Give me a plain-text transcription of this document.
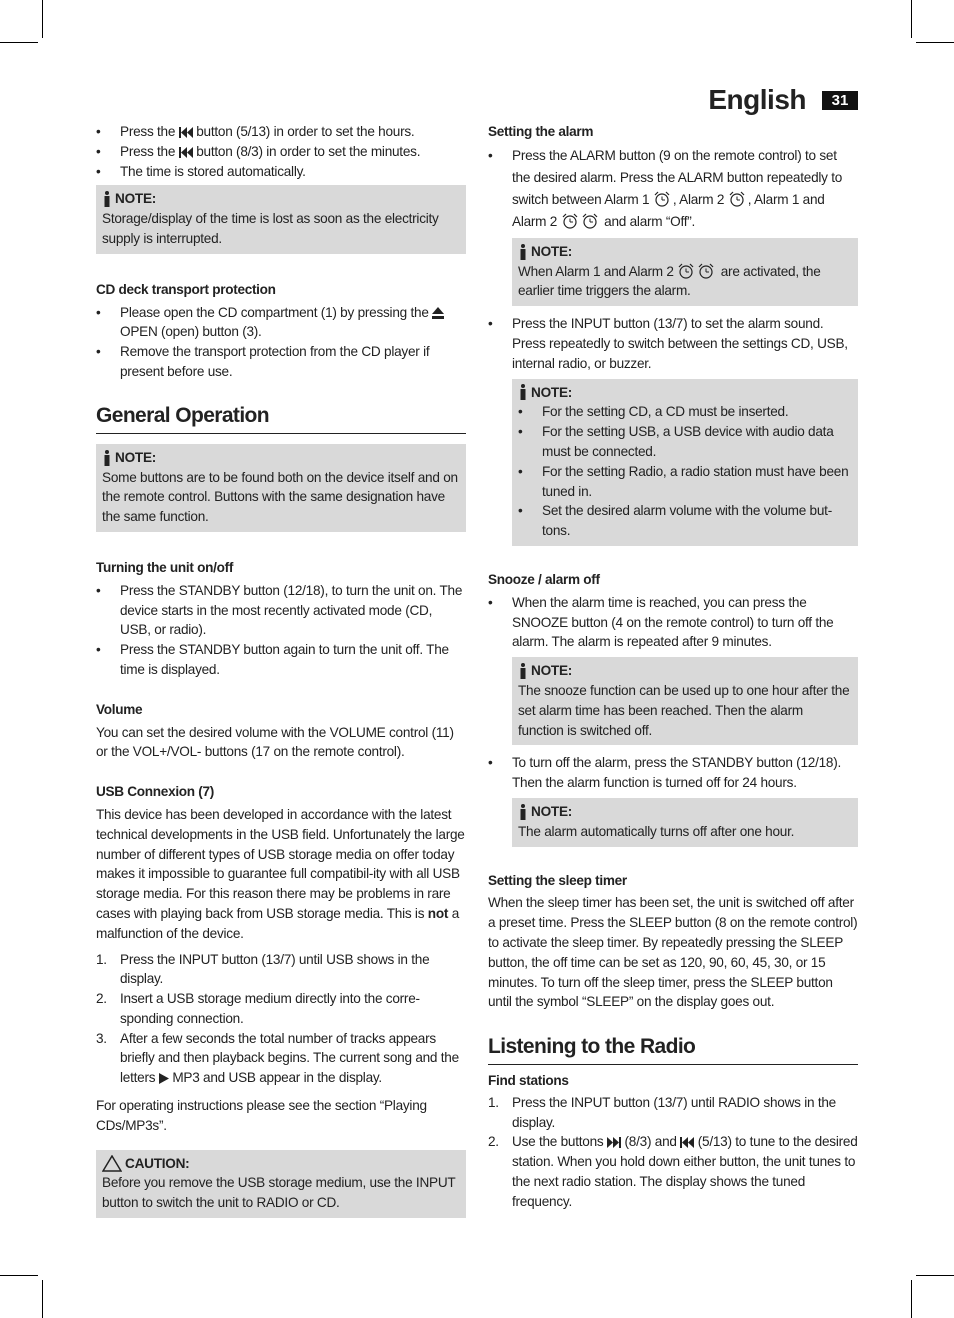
English	31
• Press the  button (5/13) in order to set the hours.
• Press the  button (8/3) in order to set the minutes.
• The time is stored automatically.
NOTE:

Storage/display of the time is lost as soon as the electricity supply is interrupted.

CD deck transport protection
• Please open the CD compartment (1) by pressing the  OPEN (open) button (3).
• Remove the transport protection from the CD player if present before use.
General Operation
NOTE:

Some buttons are to be found both on the device itself and on the remote control. Buttons with the same designation have the same function.

Turning the unit on/off
• Press the STANDBY button (12/18), to turn the unit on. The device starts in the most recently activated mode (CD, USB, or radio).
• Press the STANDBY button again to turn the unit off. The time is displayed.
Volume

You can set the desired volume with the VOLUME control (11) or the VOL+/VOL- buttons (17 on the remote control).

USB Connexion (7)

This device has been developed in accordance with the latest technical developments in the USB field. Unfortunately the large number of different types of USB storage media on offer today makes it impossible to guarantee full compatibil-ity with all USB storage media. For this reason there may be problems in rare cases with playing back from USB storage media. This is not a malfunction of the device.

1. Press the INPUT button (13/7) until USB shows in the display.
2. Insert a USB storage medium directly into the corre-sponding connection.
3. After a few seconds the total number of tracks appears briefly and then playback begins. The current song and the letters  MP3 and USB appear in the display.

For operating instructions please see the section “Playing CDs/MP3s”.

CAUTION:

Before you remove the USB storage medium, use the INPUT button to switch the unit to RADIO or CD.

Setting the alarm
• Press the ALARM button (9 on the remote control) to set the desired alarm. Press the ALARM button repeatedly to switch between Alarm 1 , Alarm 2 , Alarm 1 and Alarm 2	and alarm “Off”.
NOTE:

When Alarm 1 and Alarm 2	are activated, the earlier time triggers the alarm.

• Press the INPUT button (13/7) to set the alarm sound. Press repeatedly to switch between the settings CD, USB, internal radio, or buzzer.
NOTE:
• For the setting CD, a CD must be inserted.
• For the setting USB, a USB device with audio data must be connected.
• For the setting Radio, a radio station must have been tuned in.
• Set the desired alarm volume with the volume but-tons.
Snooze / alarm off
• When the alarm time is reached, you can press the SNOOZE button (4 on the remote control) to turn off the alarm. The alarm is repeated after 9 minutes.
NOTE:

The snooze function can be used up to one hour after the set alarm time has been reached. Then the alarm function is switched off.

• To turn off the alarm, press the STANDBY button (12/18). Then the alarm function is turned off for 24 hours.
NOTE:

The alarm automatically turns off after one hour.

Setting the sleep timer

When the sleep timer has been set, the unit is switched off after a preset time. Press the SLEEP button (8 on the remote control) to activate the sleep timer. By repeatedly pressing the SLEEP button, the off time can be set as 120, 90, 60, 45, 30, or 15 minutes. To turn off the sleep timer, press the SLEEP button until the symbol “SLEEP” on the display goes out.

Listening to the Radio
Find stations
1. Press the INPUT button (13/7) until RADIO shows in the display.
2. Use the buttons  (8/3) and  (5/13) to tune to the desired station. When you hold down either button, the unit tunes to the next radio station. The display shows the tuned frequency.
